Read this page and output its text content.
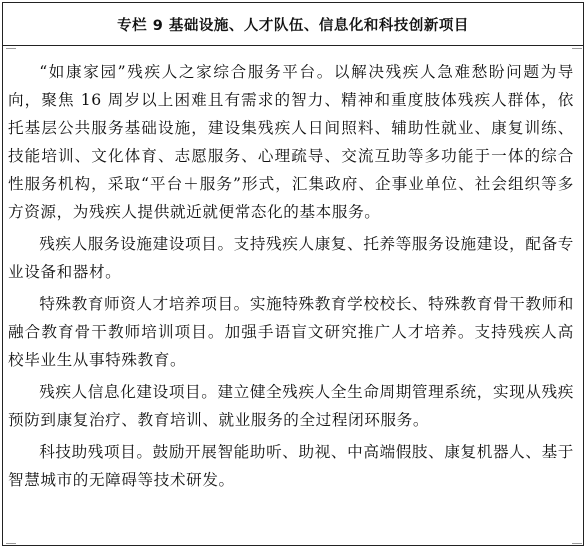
专栏 9 基础设施、人才队伍、信息化和科技创新项目

“如康家园”残疾人之家综合服务平台。以解决残疾人急难愁盼问题为导向，聚焦 16 周岁以上困难且有需求的智力、精神和重度肢体残疾人群体，依托基层公共服务基础设施，建设集残疾人日间照料、辅助性就业、康复训练、技能培训、文化体育、志愿服务、心理疏导、交流互助等多功能于一体的综合性服务机构，采取“平台＋服务”形式，汇集政府、企事业单位、社会组织等多方资源，为残疾人提供就近就便常态化的基本服务。

残疾人服务设施建设项目。支持残疾人康复、托养等服务设施建设，配备专业设备和器材。

特殊教育师资人才培养项目。实施特殊教育学校校长、特殊教育骨干教师和融合教育骨干教师培训项目。加强手语盲文研究推广人才培养。支持残疾人高校毕业生从事特殊教育。

残疾人信息化建设项目。建立健全残疾人全生命周期管理系统，实现从残疾预防到康复治疗、教育培训、就业服务的全过程闭环服务。

科技助残项目。鼓励开展智能助听、助视、中高端假肢、康复机器人、基于智慧城市的无障碍等技术研发。
